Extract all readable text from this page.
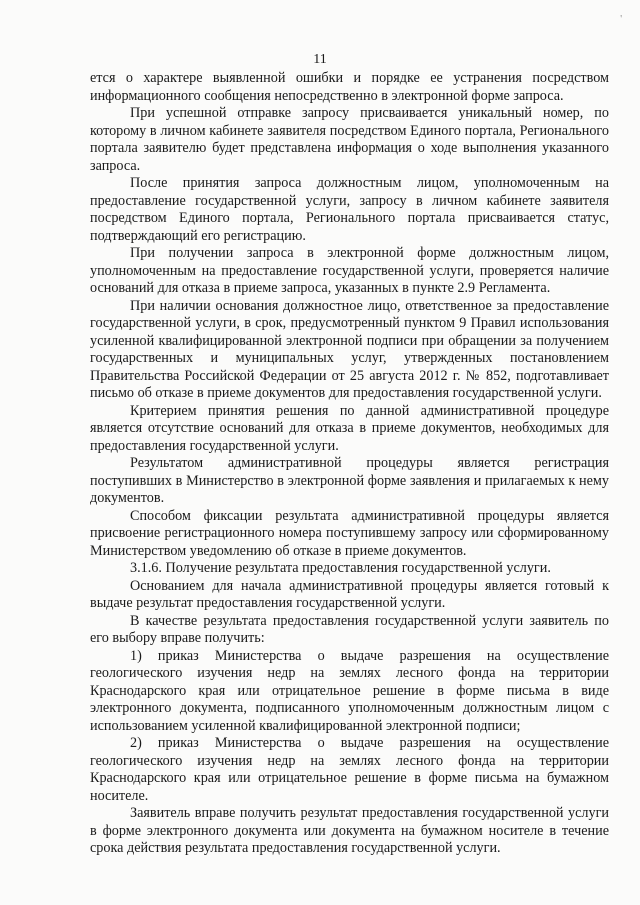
'
11

ется о характере выявленной ошибки и порядке ее устранения посредством информационного сообщения непосредственно в электронной форме запроса.

При успешной отправке запросу присваивается уникальный номер, по которому в личном кабинете заявителя посредством Единого портала, Регионального портала заявителю будет представлена информация о ходе выполнения указанного запроса.

После принятия запроса должностным лицом, уполномоченным на предоставление государственной услуги, запросу в личном кабинете заявителя посредством Единого портала, Регионального портала присваивается статус, подтверждающий его регистрацию.

При получении запроса в электронной форме должностным лицом, уполномоченным на предоставление государственной услуги, проверяется наличие оснований для отказа в приеме запроса, указанных в пункте 2.9 Регламента.

При наличии основания должностное лицо, ответственное за предоставление государственной услуги, в срок, предусмотренный пунктом 9 Правил использования усиленной квалифицированной электронной подписи при обращении за получением государственных и муниципальных услуг, утвержденных постановлением Правительства Российской Федерации от 25 августа 2012 г. № 852, подготавливает письмо об отказе в приеме документов для предоставления государственной услуги.

Критерием принятия решения по данной административной процедуре является отсутствие оснований для отказа в приеме документов, необходимых для предоставления государственной услуги.

Результатом административной процедуры является регистрация поступивших в Министерство в электронной форме заявления и прилагаемых к нему документов.

Способом фиксации результата административной процедуры является присвоение регистрационного номера поступившему запросу или сформированному Министерством уведомлению об отказе в приеме документов.

3.1.6. Получение результата предоставления государственной услуги.

Основанием для начала административной процедуры является готовый к выдаче результат предоставления государственной услуги.

В качестве результата предоставления государственной услуги заявитель по его выбору вправе получить:

1) приказ Министерства о выдаче разрешения на осуществление геологического изучения недр на землях лесного фонда на территории Краснодарского края или отрицательное решение в форме письма в виде электронного документа, подписанного уполномоченным должностным лицом с использованием усиленной квалифицированной электронной подписи;

2) приказ Министерства о выдаче разрешения на осуществление геологического изучения недр на землях лесного фонда на территории Краснодарского края или отрицательное решение в форме письма на бумажном носителе.

Заявитель вправе получить результат предоставления государственной услуги в форме электронного документа или документа на бумажном носителе в течение срока действия результата предоставления государственной услуги.
